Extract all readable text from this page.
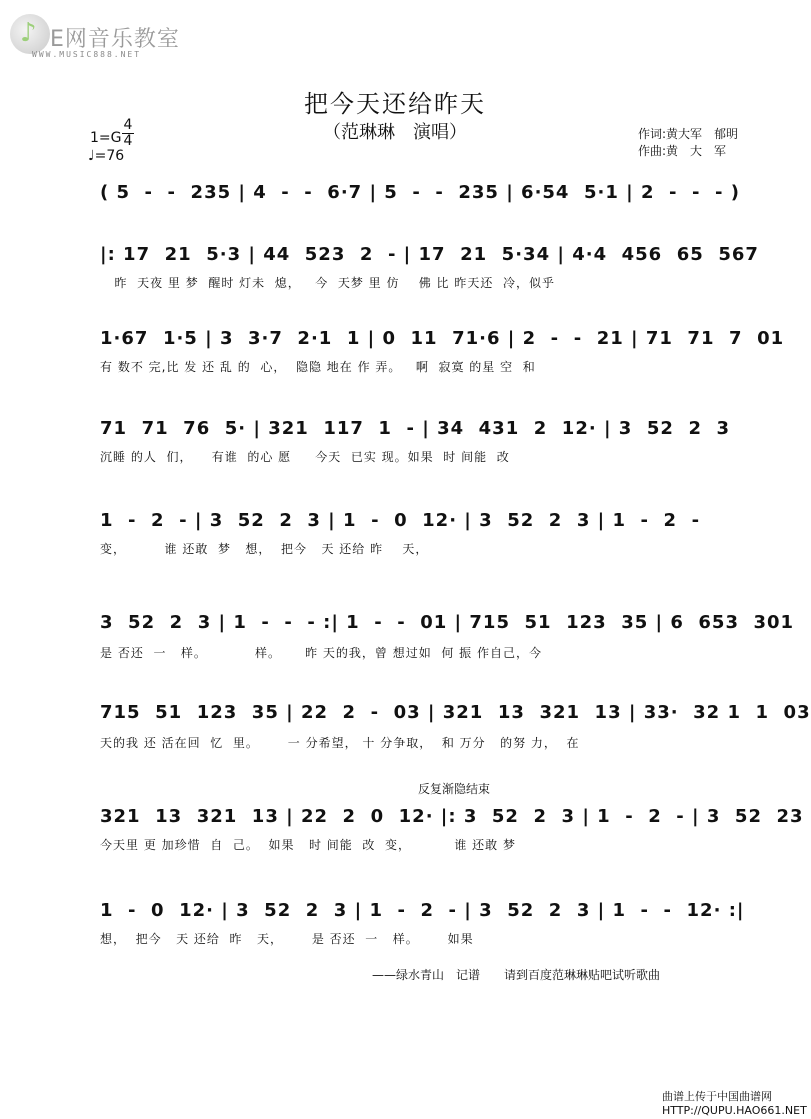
♪ E网音乐教室
WWW.MUSIC888.NET
把今天还给昨天
（范琳琳　演唱）	作词:黄大军　郁明
作曲:黄　大　军
1=G
4
4
♩=76
( 5  -  -  235 | 4  -  -  6·7 | 5  -  -  235 | 6·54  5·1 | 2  -  -  - )
|: 17  21  5·3 | 44  523  2  - | 17  21  5·34 | 4·4  456  65  567
昨  天夜 里 梦  醒时 灯未  熄，   今  天梦 里 仿    佛 比 昨天还  冷，似乎
1·67  1·5 | 3  3·7  2·1  1 | 0  11  71·6 | 2  -  -  21 | 71  71  7  01
有 数不 完,比 发 还 乱 的  心，  隐隐 地在 作 弄。   啊  寂寞 的星 空  和
71  71  76  5· | 321  117  1  - | 34  431  2  12· | 3  52  2  3
沉睡 的人  们，    有谁  的心 愿     今天  已实 现。如果  时 间能  改
1  -  2  - | 3  52  2  3 | 1  -  0  12· | 3  52  2  3 | 1  -  2  -
变，        谁 还敢  梦   想，  把今   天 还给 昨    天，
3  52  2  3 | 1  -  -  - :| 1  -  -  01 | 715  51  123  35 | 6  653  301
是 否还  一   样。          样。     昨 天的我，曾 想过如  何 振 作自己，今
715  51  123  35 | 22  2  -  03 | 321  13  321  13 | 33·  32 1  1  03
天的我 还 活在回  忆  里。      一 分希望， 十 分争取，  和 万分   的努 力，  在
反复渐隐结束
321  13  321  13 | 22  2  0  12· |: 3  52  2  3 | 1  -  2  - | 3  52  23
今天里 更 加珍惜  自  己。  如果   时 间能  改  变，         谁 还敢 梦
1  -  0  12· | 3  52  2  3 | 1  -  2  - | 3  52  2  3 | 1  -  -  12· :|
想，  把今   天 还给  昨   天，      是 否还  一   样。      如果
——绿水青山　记谱　　请到百度范琳琳贴吧试听歌曲
曲谱上传于中国曲谱网
HTTP://QUPU.HAO661.NET
